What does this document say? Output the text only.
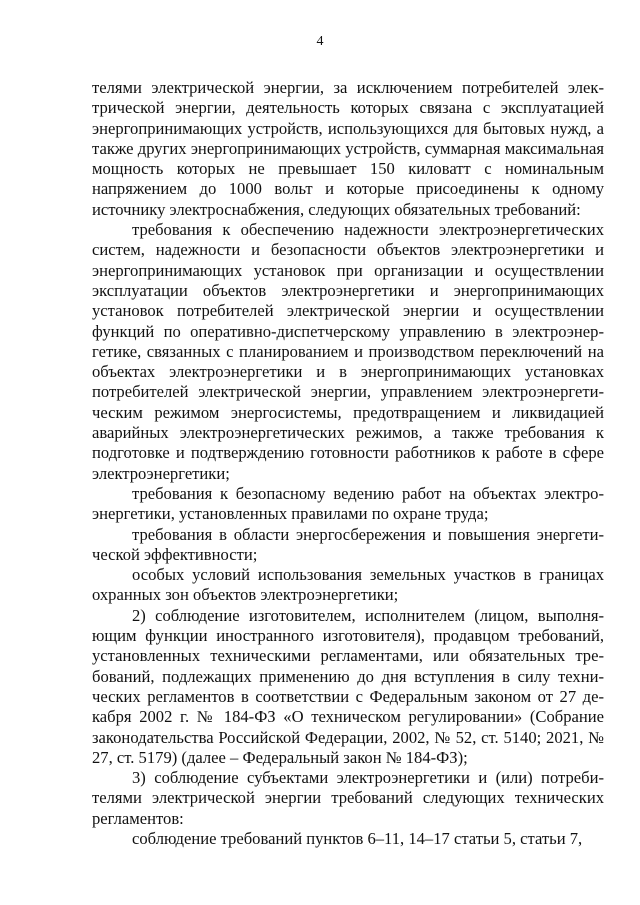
4

телями электрической энергии, за исключением потребителей электрической энергии, деятельность которых связана с эксплуатацией энергопринимающих устройств, использующихся для бытовых нужд, а также других энергопринимающих устройств, суммарная максимальная мощность которых не превышает 150 киловатт с номинальным напряжением до 1000 вольт и которые присоединены к одному источнику электроснабжения, следующих обязательных требований:

требования к обеспечению надежности электроэнергетических систем, надежности и безопасности объектов электроэнергетики и энергопринимающих установок при организации и осуществлении эксплуатации объектов электроэнергетики и энергопринимающих установок потребителей электрической энергии и осуществлении функций по оперативно-диспетчерскому управлению в электроэнергетике, связанных с планированием и производством переключений на объектах электроэнергетики и в энергопринимающих установках потребителей электрической энергии, управлением электроэнергетическим режимом энергосистемы, предотвращением и ликвидацией аварийных электроэнергетических режимов, а также требования к подготовке и подтверждению готовности работников к работе в сфере электроэнергетики;

требования к безопасному ведению работ на объектах электроэнергетики, установленных правилами по охране труда;

требования в области энергосбережения и повышения энергетической эффективности;

особых условий использования земельных участков в границах охранных зон объектов электроэнергетики;

2) соблюдение изготовителем, исполнителем (лицом, выполняющим функции иностранного изготовителя), продавцом требований, установленных техническими регламентами, или обязательных требований, подлежащих применению до дня вступления в силу технических регламентов в соответствии с Федеральным законом от 27 декабря 2002 г. № 184-ФЗ «О техническом регулировании» (Собрание законодательства Российской Федерации, 2002, № 52, ст. 5140; 2021, № 27, ст. 5179) (далее – Федеральный закон № 184-ФЗ);

3) соблюдение субъектами электроэнергетики и (или) потребителями электрической энергии требований следующих технических регламентов:

соблюдение требований пунктов 6–11, 14–17 статьи 5, статьи 7,
